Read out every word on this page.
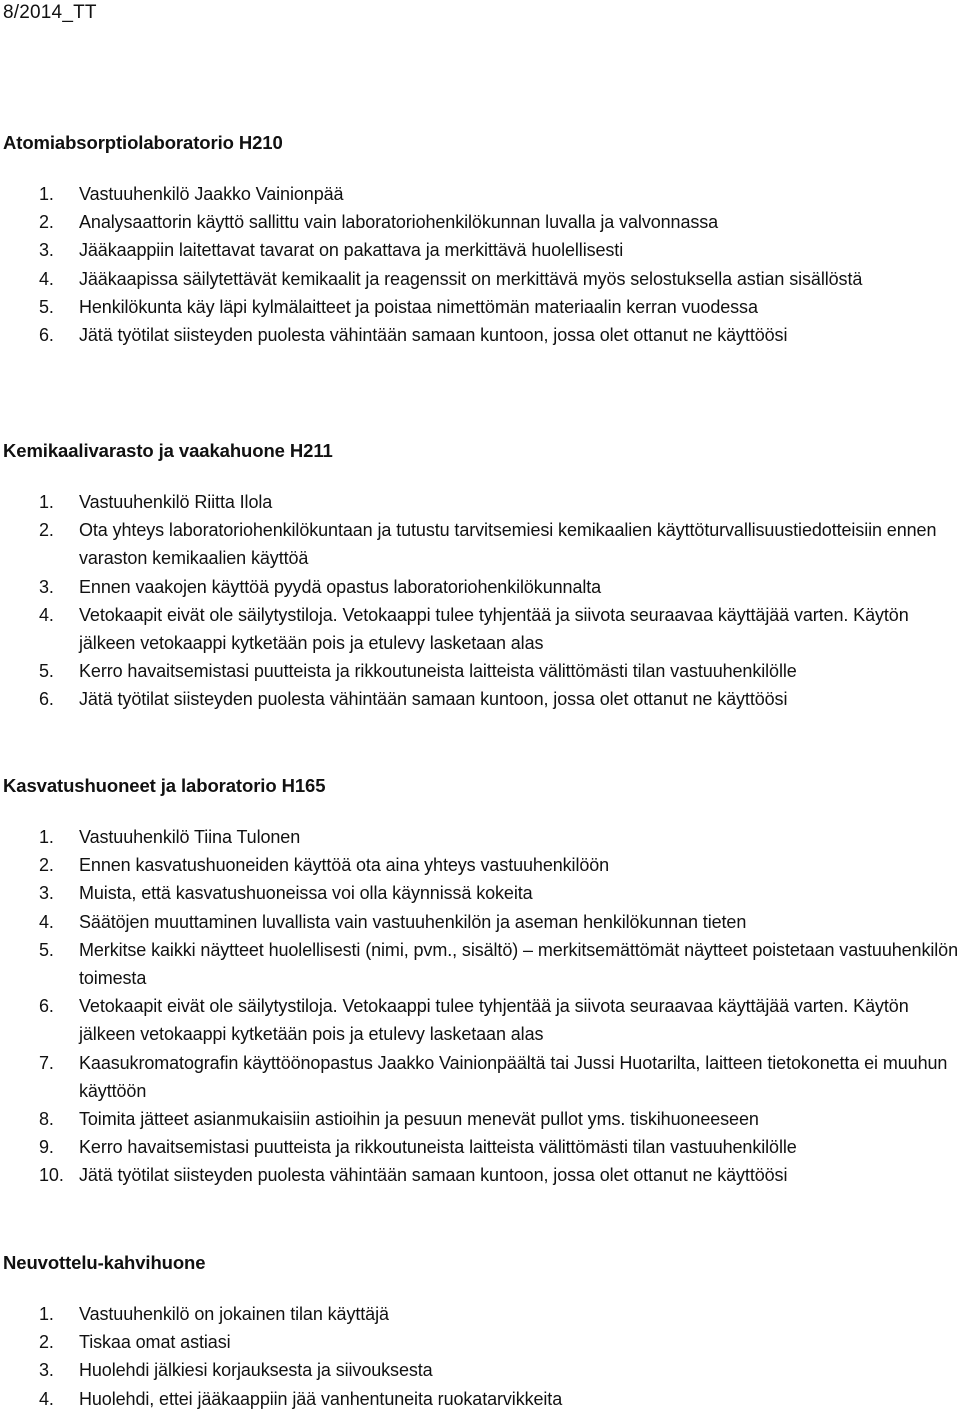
8/2014_TT
Atomiabsorptiolaboratorio H210
1. Vastuuhenkilö Jaakko Vainionpää
2. Analysaattorin käyttö sallittu vain laboratoriohenkilökunnan luvalla ja valvonnassa
3. Jääkaappiin laitettavat tavarat on pakattava ja merkittävä huolellisesti
4. Jääkaapissa säilytettävät kemikaalit ja reagenssit on merkittävä myös selostuksella astian sisällöstä
5. Henkilökunta käy läpi kylmälaitteet ja poistaa nimettömän materiaalin kerran vuodessa
6. Jätä työtilat siisteyden puolesta vähintään samaan kuntoon, jossa olet ottanut ne käyttöösi
Kemikaalivarasto ja vaakahuone H211
1. Vastuuhenkilö Riitta Ilola
2. Ota yhteys laboratoriohenkilökuntaan ja tutustu tarvitsemiesi kemikaalien käyttöturvallisuustiedotteisiin ennen varaston kemikaalien käyttöä
3. Ennen vaakojen käyttöä pyydä opastus laboratoriohenkilökunnalta
4. Vetokaapit eivät ole säilytystiloja. Vetokaappi tulee tyhjentää ja siivota seuraavaa käyttäjää varten. Käytön jälkeen vetokaappi kytketään pois ja etulevy lasketaan alas
5. Kerro havaitsemistasi puutteista ja rikkoutuneista laitteista välittömästi tilan vastuuhenkilölle
6. Jätä työtilat siisteyden puolesta vähintään samaan kuntoon, jossa olet ottanut ne käyttöösi
Kasvatushuoneet ja laboratorio H165
1. Vastuuhenkilö Tiina Tulonen
2. Ennen kasvatushuoneiden käyttöä ota aina yhteys vastuuhenkilöön
3. Muista, että kasvatushuoneissa voi olla käynnissä kokeita
4. Säätöjen muuttaminen luvallista vain vastuuhenkilön ja aseman henkilökunnan tieten
5. Merkitse kaikki näytteet huolellisesti (nimi, pvm., sisältö) – merkitsemättömät näytteet poistetaan vastuuhenkilön toimesta
6. Vetokaapit eivät ole säilytystiloja. Vetokaappi tulee tyhjentää ja siivota seuraavaa käyttäjää varten. Käytön jälkeen vetokaappi kytketään pois ja etulevy lasketaan alas
7. Kaasukromatografin käyttöönopastus Jaakko Vainionpäältä tai Jussi Huotarilta, laitteen tietokonetta ei muuhun käyttöön
8. Toimita jätteet asianmukaisiin astioihin ja pesuun menevät pullot yms. tiskihuoneeseen
9. Kerro havaitsemistasi puutteista ja rikkoutuneista laitteista välittömästi tilan vastuuhenkilölle
10. Jätä työtilat siisteyden puolesta vähintään samaan kuntoon, jossa olet ottanut ne käyttöösi
Neuvottelu-kahvihuone
1. Vastuuhenkilö on jokainen tilan käyttäjä
2. Tiskaa omat astiasi
3. Huolehdi jälkiesi korjauksesta ja siivouksesta
4. Huolehdi, ettei jääkaappiin jää vanhentuneita ruokatarvikkeita
